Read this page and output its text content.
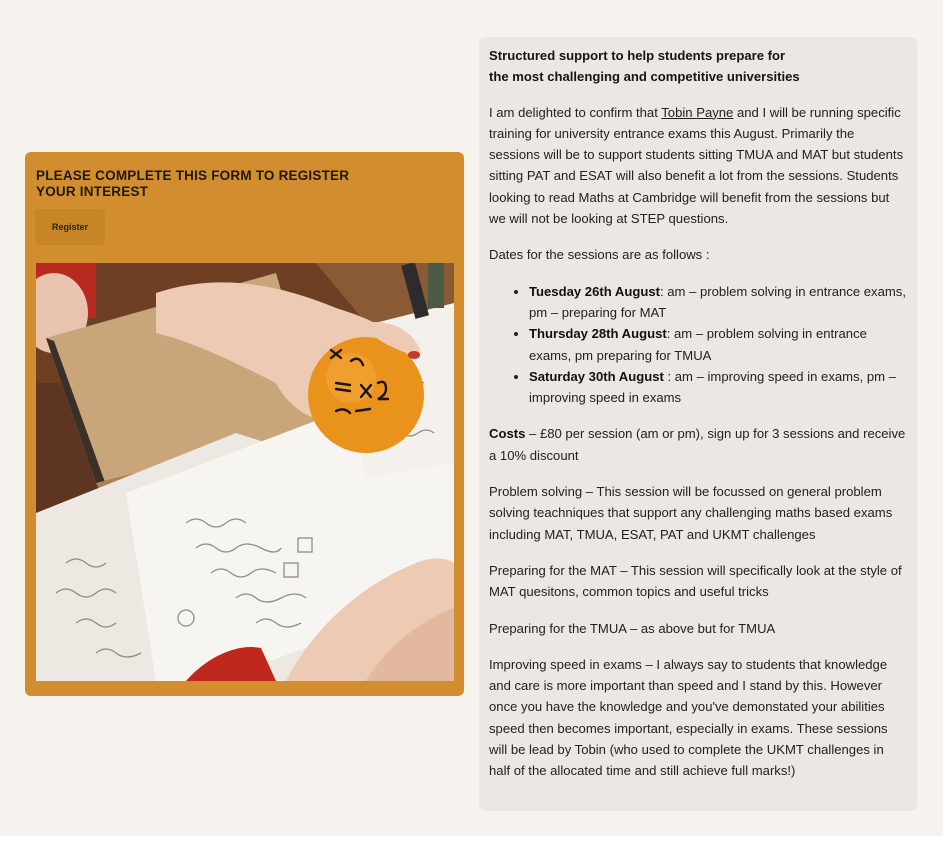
PLEASE COMPLETE THIS FORM TO REGISTER
YOUR INTEREST
Register

Structured support to help students prepare for
the most challenging and competitive universities

I am delighted to confirm that Tobin Payne and I will be running specific training for university entrance exams this August. Primarily the sessions will be to support students sitting TMUA and MAT but students sitting PAT and ESAT will also benefit a lot from the sessions. Students looking to read Maths at Cambridge will benefit from the sessions but we will not be looking at STEP questions.

Dates for the sessions are as follows :

• Tuesday 26th August: am – problem solving in entrance exams, pm – preparing for MAT
• Thursday 28th August: am – problem solving in entrance exams, pm preparing for TMUA
• Saturday 30th August : am – improving speed in exams, pm – improving speed in exams

Costs – £80 per session (am or pm), sign up for 3 sessions and receive a 10% discount

Problem solving – This session will be focussed on general problem solving teachniques that support any challenging maths based exams including MAT, TMUA, ESAT, PAT and UKMT challenges

Preparing for the MAT – This session will specifically look at the style of MAT quesitons, common topics and useful tricks

Preparing for the TMUA – as above but for TMUA

Improving speed in exams – I always say to students that knowledge and care is more important than speed and I stand by this. However once you have the knowledge and you've demonstated your abilities speed then becomes important, especially in exams. These sessions will be lead by Tobin (who used to complete the UKMT challenges in half of the allocated time and still achieve full marks!)
